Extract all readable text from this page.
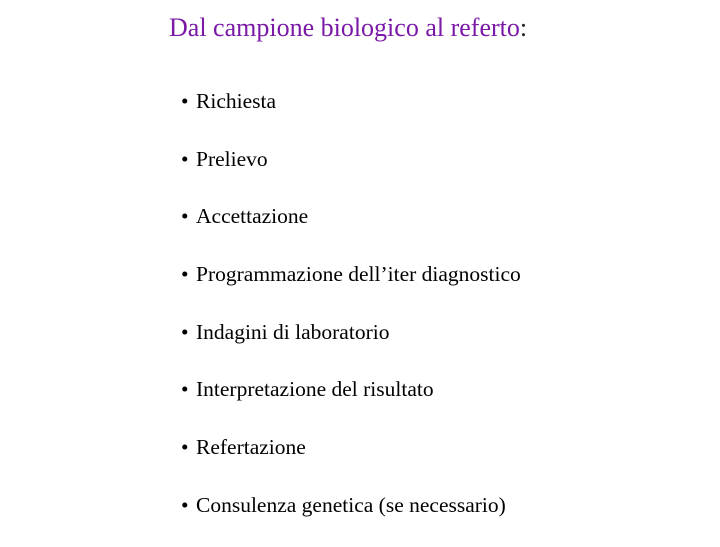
Dal campione biologico al referto:
• Richiesta
• Prelievo
• Accettazione
• Programmazione dell’iter diagnostico
• Indagini di laboratorio
• Interpretazione del risultato
• Refertazione
• Consulenza genetica (se necessario)
